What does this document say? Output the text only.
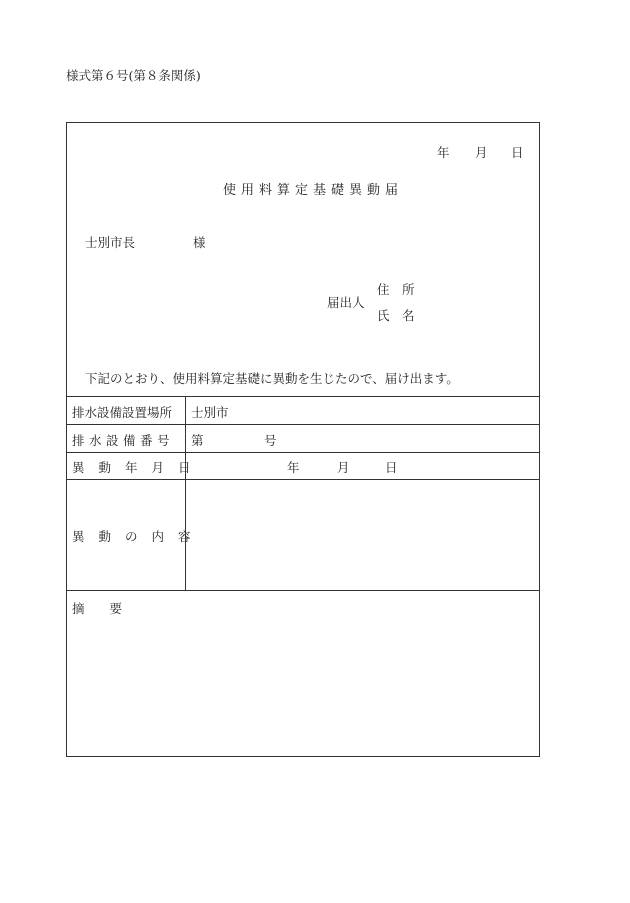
様式第６号(第８条関係)
年 月 日
使用料算定基礎異動届
士別市長	様
届出人
住　所
氏　名
下記のとおり、使用料算定基礎に異動を生じたので、届け出ます。
排水設備設置場所 士別市
排水設備番号 第	号
異動年月日	年	月	日
異動の内容
摘　　要
